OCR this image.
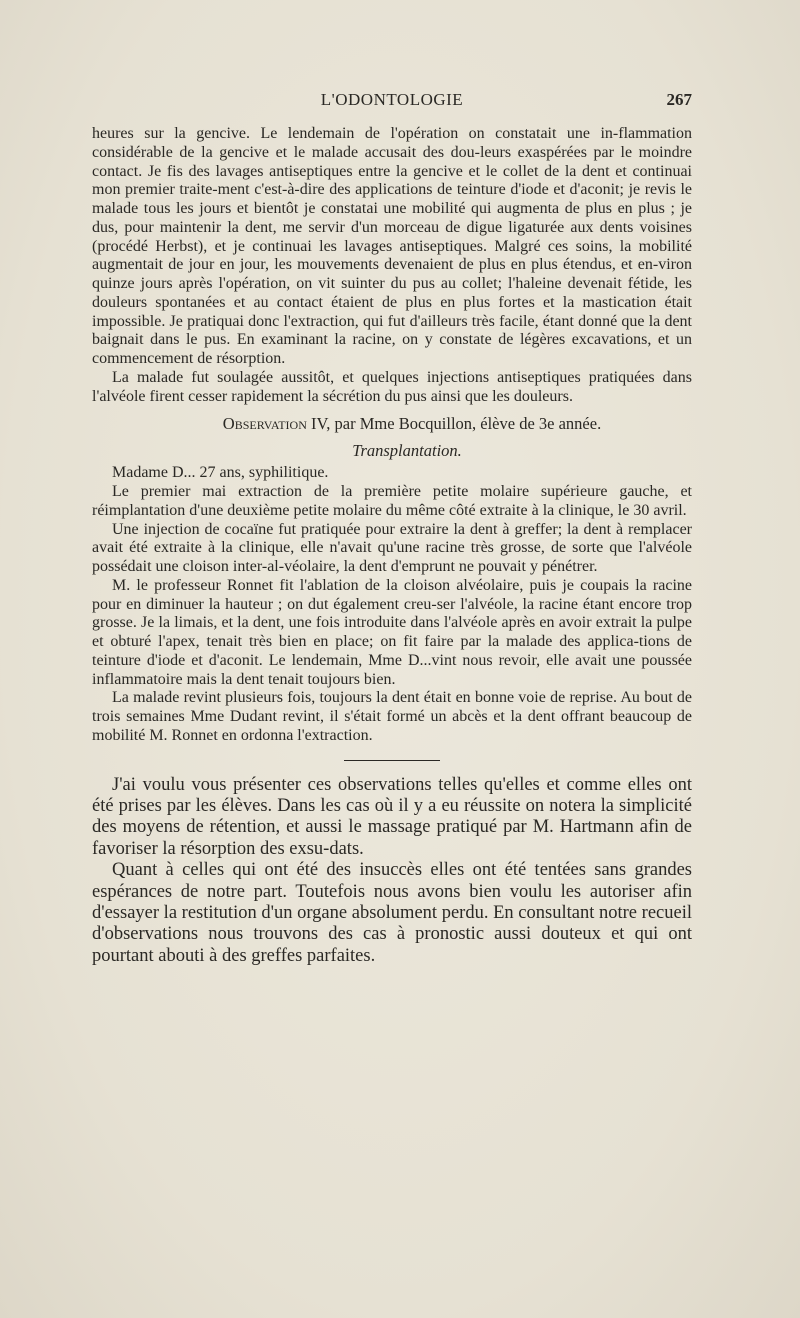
L'ODONTOLOGIE	267

heures sur la gencive. Le lendemain de l'opération on constatait une in-flammation considérable de la gencive et le malade accusait des dou-leurs exaspérées par le moindre contact. Je fis des lavages antiseptiques entre la gencive et le collet de la dent et continuai mon premier traite-ment c'est-à-dire des applications de teinture d'iode et d'aconit; je revis le malade tous les jours et bientôt je constatai une mobilité qui augmenta de plus en plus ; je dus, pour maintenir la dent, me servir d'un morceau de digue ligaturée aux dents voisines (procédé Herbst), et je continuai les lavages antiseptiques. Malgré ces soins, la mobilité augmentait de jour en jour, les mouvements devenaient de plus en plus étendus, et en-viron quinze jours après l'opération, on vit suinter du pus au collet; l'haleine devenait fétide, les douleurs spontanées et au contact étaient de plus en plus fortes et la mastication était impossible. Je pratiquai donc l'extraction, qui fut d'ailleurs très facile, étant donné que la dent baignait dans le pus. En examinant la racine, on y constate de légères excavations, et un commencement de résorption.

La malade fut soulagée aussitôt, et quelques injections antiseptiques pratiquées dans l'alvéole firent cesser rapidement la sécrétion du pus ainsi que les douleurs.

Observation IV, par Mme Bocquillon, élève de 3e année.
Transplantation.

Madame D... 27 ans, syphilitique.

Le premier mai extraction de la première petite molaire supérieure gauche, et réimplantation d'une deuxième petite molaire du même côté extraite à la clinique, le 30 avril.

Une injection de cocaïne fut pratiquée pour extraire la dent à greffer; la dent à remplacer avait été extraite à la clinique, elle n'avait qu'une racine très grosse, de sorte que l'alvéole possédait une cloison inter-al-véolaire, la dent d'emprunt ne pouvait y pénétrer.

M. le professeur Ronnet fit l'ablation de la cloison alvéolaire, puis je coupais la racine pour en diminuer la hauteur ; on dut également creu-ser l'alvéole, la racine étant encore trop grosse. Je la limais, et la dent, une fois introduite dans l'alvéole après en avoir extrait la pulpe et obturé l'apex, tenait très bien en place; on fit faire par la malade des applica-tions de teinture d'iode et d'aconit. Le lendemain, Mme D...vint nous revoir, elle avait une poussée inflammatoire mais la dent tenait toujours bien.

La malade revint plusieurs fois, toujours la dent était en bonne voie de reprise. Au bout de trois semaines Mme Dudant revint, il s'était formé un abcès et la dent offrant beaucoup de mobilité M. Ronnet en ordonna l'extraction.

J'ai voulu vous présenter ces observations telles qu'elles et comme elles ont été prises par les élèves. Dans les cas où il y a eu réussite on notera la simplicité des moyens de rétention, et aussi le massage pratiqué par M. Hartmann afin de favoriser la résorption des exsu-dats.

Quant à celles qui ont été des insuccès elles ont été tentées sans grandes espérances de notre part. Toutefois nous avons bien voulu les autoriser afin d'essayer la restitution d'un organe absolument perdu. En consultant notre recueil d'observations nous trouvons des cas à pronostic aussi douteux et qui ont pourtant abouti à des greffes parfaites.
